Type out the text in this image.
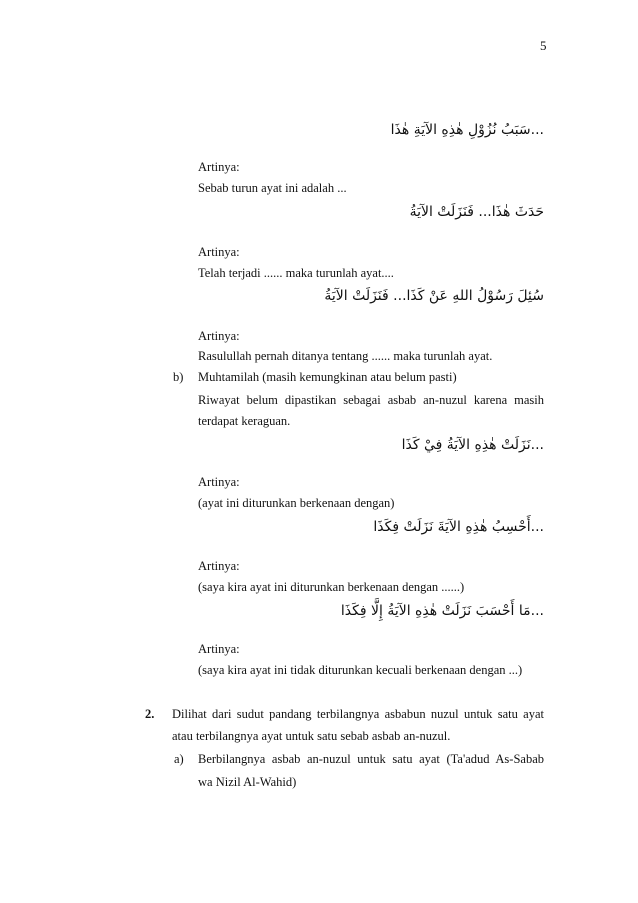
5
...سَبَبُ نُزُوْلِ هٰذِهِ الآيَةِ هٰذَا
Artinya:
Sebab turun ayat ini adalah ...
حَدَثَ هٰذَا... فَنَزَلَتْ الآيَةُ
Artinya:
Telah terjadi ...... maka turunlah ayat....
سُئِلَ رَسُوْلُ اللهِ عَنْ كَذَا... فَنَزَلَتْ الآيَةُ
Artinya:
Rasulullah pernah ditanya tentang ...... maka turunlah ayat.
b) Muhtamilah (masih kemungkinan atau belum pasti)
Riwayat belum dipastikan sebagai asbab an-nuzul karena masih
terdapat keraguan.
...نَزَلَتْ هٰذِهِ الآيَةُ فِيْ كَذَا
Artinya:
(ayat ini diturunkan berkenaan dengan)
...أَحْسِبُ هٰذِهِ الآيَةَ نَزَلَتْ فِكَذَا
Artinya:
(saya kira ayat ini diturunkan berkenaan dengan ......)
...مَا أَحْسَبَ نَزَلَتْ هٰذِهِ الآيَةُ إِلَّا فِكَذَا
Artinya:
(saya kira ayat ini tidak diturunkan kecuali berkenaan dengan ...)
2. Dilihat dari sudut pandang terbilangnya asbabun nuzul untuk satu ayat
atau terbilangnya ayat untuk satu sebab asbab an-nuzul.
a) Berbilangnya asbab an-nuzul untuk satu ayat (Ta'adud As-Sabab
wa Nizil Al-Wahid)
